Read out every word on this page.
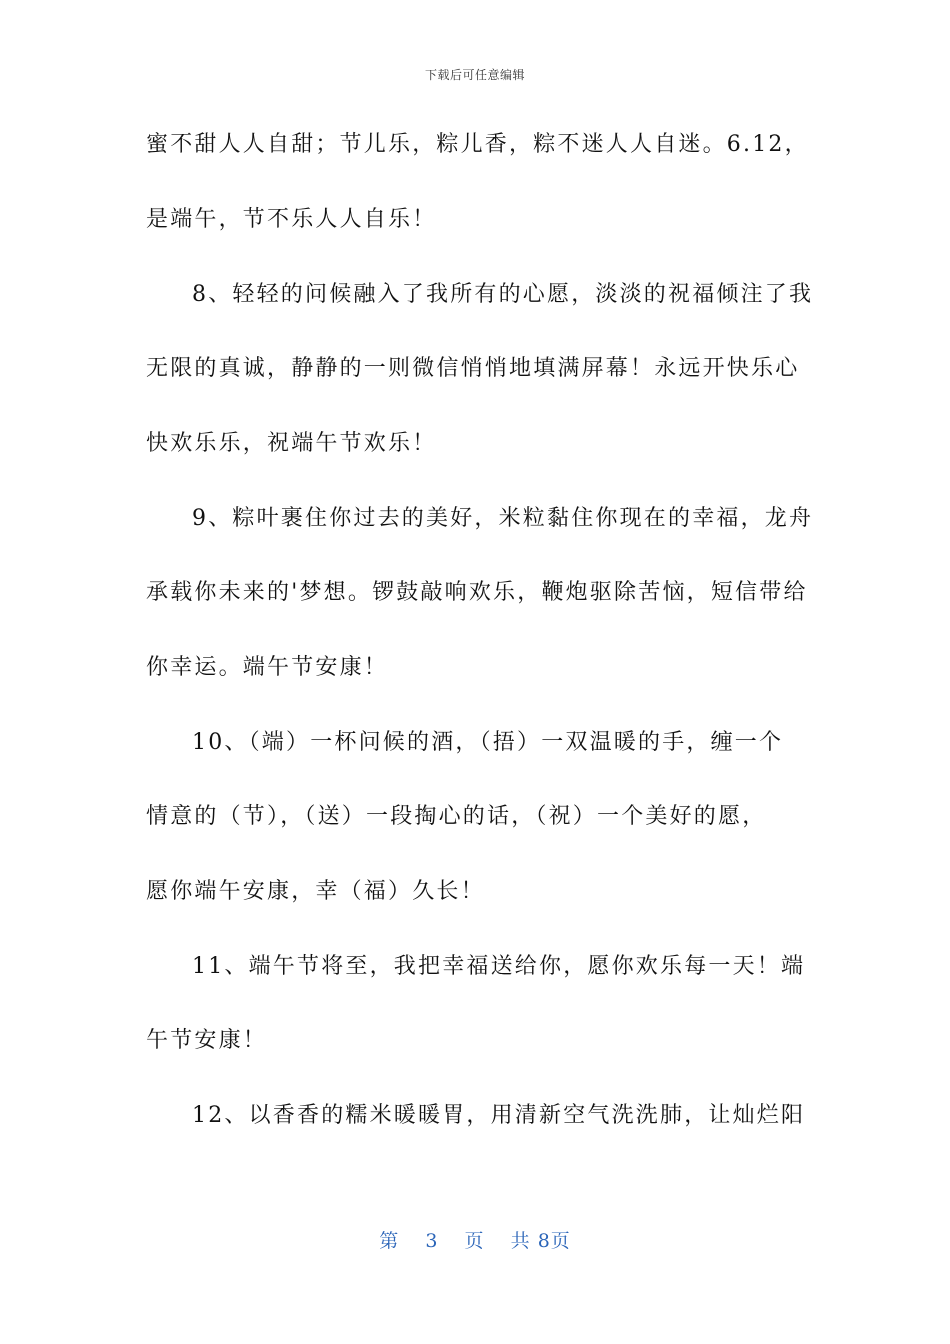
下载后可任意编辑
蜜不甜人人自甜；节儿乐，粽儿香，粽不迷人人自迷。6.12，
是端午，节不乐人人自乐！
8、轻轻的问候融入了我所有的心愿，淡淡的祝福倾注了我
无限的真诚，静静的一则微信悄悄地填满屏幕！永远开快乐心
快欢乐乐，祝端午节欢乐！
9、粽叶裹住你过去的美好，米粒黏住你现在的幸福，龙舟
承载你未来的'梦想。锣鼓敲响欢乐，鞭炮驱除苦恼，短信带给
你幸运。端午节安康！
10、（端）一杯问候的酒，（捂）一双温暖的手，缠一个
情意的（节），（送）一段掏心的话，（祝）一个美好的愿，
愿你端午安康，幸（福）久长！
11、端午节将至，我把幸福送给你，愿你欢乐每一天！端
午节安康！
12、以香香的糯米暖暖胃，用清新空气洗洗肺，让灿烂阳
第 3 页 共 8页
